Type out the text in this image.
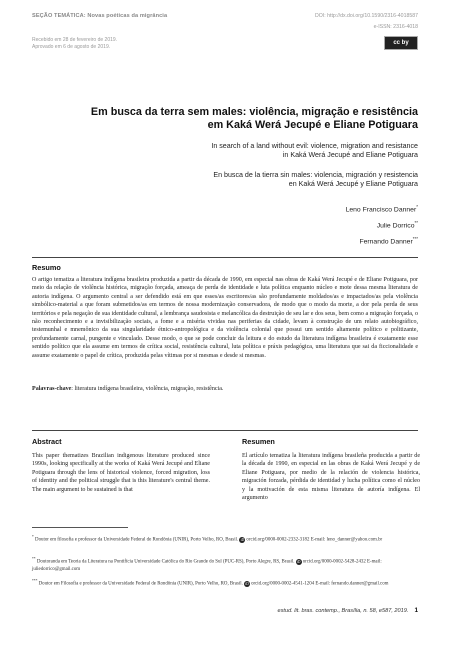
SEÇÃO TEMÁTICA: Novas poéticas da migrância	DOI: http://dx.doi.org/10.1590/2316-4018587
e-ISSN: 2316-4018
Recebido em 28 de fevereiro de 2019.
Aprovado em 6 de agosto de 2019.
cc by
Em busca da terra sem males: violência, migração e resistência
em Kaká Werá Jecupé e Eliane Potiguara
In search of a land without evil: violence, migration and resistance
in Kaká Werá Jecupé and Eliane Potiguara
En busca de la tierra sin males: violencia, migración y resistencia
en Kaká Werá Jecupé y Eliane Potiguara
Leno Francisco Danner*
Julie Dorrico**
Fernando Danner***
Resumo
O artigo tematiza a literatura indígena brasileira produzida a partir da década de 1990, em especial nas obras de Kaká Werá Jecupé e de Eliane Potiguara, por meio da relação de violência histórica, migração forçada, ameaça de perda de identidade e luta política enquanto núcleo e mote dessa mesma literatura de autoria indígena. O argumento central a ser defendido está em que esses/as escritores/as são profundamente moldados/as e impactados/as pela violência simbólico-material a que foram submetidos/as em termos de nossa modernização conservadora, de modo que o modo da morte, a dor pela perda de seus territórios e pela negação de sua identidade cultural, a lembrança saudosista e melancólica da destruição de seu lar e dos seus, bem como a migração forçada, o não reconhecimento e a invisibilização sociais, a fome e a miséria vividas nas periferias da cidade, levam à construção de um relato autobiográfico, testemunhal e mnemônico da sua singularidade étnico-antropológica e da violência colonial que possui um sentido altamente político e politizante, profundamente carnal, pungente e vinculado. Desse modo, o que se pode concluir da leitura e do estudo da literatura indígena brasileira é exatamente esse sentido político que ela assume em termos de crítica social, resistência cultural, luta política e práxis pedagógica, uma literatura que sai da ficcionalidade e assume exatamente o papel de crítica, produzida pelas vítimas por si mesmas e desde si mesmas.
Palavras-chave: literatura indígena brasileira, violência, migração, resistência.
Abstract	Resumen
This paper thematizes Brazilian indigenous literature produced since 1990s, looking specifically at the works of Kaká Werá Jecupé and Eliane Potiguara through the lens of historical violence, forced migration, loss of identity and the political struggle that is this literature's central theme. The main argument to be sustained is that
El artículo tematiza la literatura indígena brasileña producida a partir de la década de 1990, en especial en las obras de Kaká Werá Jecupé y de Eliane Potiguara, por medio de la relación de violencia histórica, migración forzada, pérdida de identidad y lucha política como el núcleo y la motivación de esta misma literatura de autoría indígena. El argumento
* Doutor em filosofia e professor da Universidade Federal de Rondônia (UNIR), Porto Velho, RO, Brasil. iD orcid.org/0000-0002-2332-3182 E-mail: leno_danner@yahoo.com.br
** Doutoranda em Teoria da Literatura na Pontifícia Universidade Católica do Rio Grande do Sul (PUC-RS), Porto Alegre, RS, Brasil. iD orcid.org/0000-0002-5428-2432 E-mail: juliedorrico@gmail.com
*** Doutor em Filosofia e professor da Universidade Federal de Rondônia (UNIR), Porto Velho, RO, Brasil. iD orcid.org/0000-0002-4541-1204 E-mail: fernando.danner@gmail.com
estud. lit. bras. contemp., Brasília, n. 58, e587, 2019. 1
